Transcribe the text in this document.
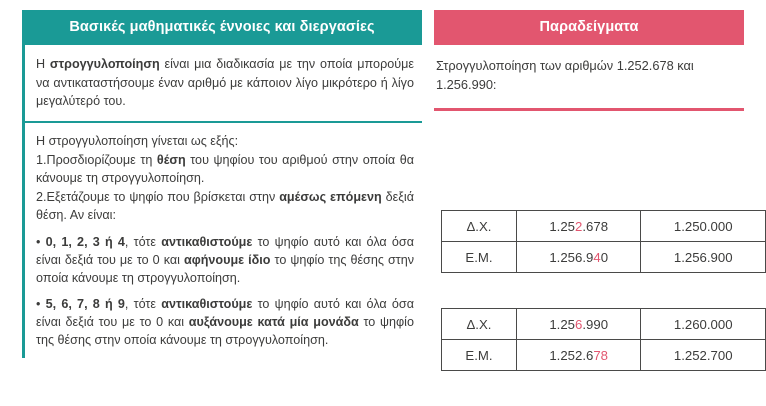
Βασικές μαθηματικές έννοιες και διεργασίες
Η στρογγυλοποίηση είναι μια διαδικασία με την οποία μπορούμε να αντικαταστήσουμε έναν αριθμό με κάποιον λίγο μικρότερο ή λίγο μεγαλύτερό του.

Η στρογγυλοποίηση γίνεται ως εξής:

1.Προσδιορίζουμε τη θέση του ψηφίου του αριθμού στην οποία θα κάνουμε τη στρογγυλοποίηση.

2.Εξετάζουμε το ψηφίο που βρίσκεται στην αμέσως επόμενη δεξιά θέση. Αν είναι:

• 0, 1, 2, 3 ή 4, τότε αντικαθιστούμε το ψηφίο αυτό και όλα όσα είναι δεξιά του με το 0 και αφήνουμε ίδιο το ψηφίο της θέσης στην οποία κάνουμε τη στρογγυλοποίηση.

• 5, 6, 7, 8 ή 9, τότε αντικαθιστούμε το ψηφίο αυτό και όλα όσα είναι δεξιά του με το 0 και αυξάνουμε κατά μία μονάδα το ψηφίο της θέσης στην οποία κάνουμε τη στρογγυλοποίηση.

Παραδείγματα
Στρογγυλοποίηση των αριθμών 1.252.678 και 1.256.990:
Δ.Χ.	1.252.678	1.250.000
Ε.Μ.	1.256.940	1.256.900
Δ.Χ.	1.256.990	1.260.000
Ε.Μ.	1.252.678	1.252.700
